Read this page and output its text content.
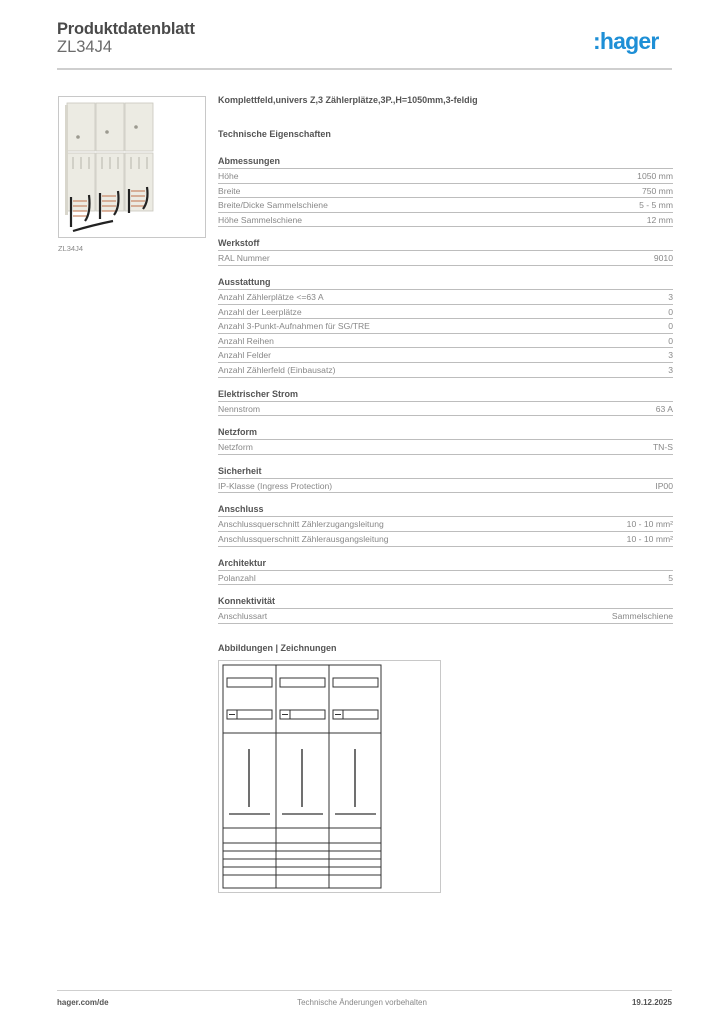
Produktdatenblatt
ZL34J4	:hager
ZL34J4
Komplettfeld,univers Z,3 Zählerplätze,3P.,H=1050mm,3-feldig
Technische Eigenschaften
Abmessungen
Höhe	1050 mm
Breite	750 mm
Breite/Dicke Sammelschiene	5 - 5 mm
Höhe Sammelschiene	12 mm
Werkstoff
RAL Nummer	9010
Ausstattung
Anzahl Zählerplätze <=63 A	3
Anzahl der Leerplätze	0
Anzahl 3-Punkt-Aufnahmen für SG/TRE	0
Anzahl Reihen	0
Anzahl Felder	3
Anzahl Zählerfeld (Einbausatz)	3
Elektrischer Strom
Nennstrom	63 A
Netzform
Netzform	TN-S
Sicherheit
IP-Klasse (Ingress Protection)	IP00
Anschluss
Anschlussquerschnitt Zählerzugangsleitung	10 - 10 mm²
Anschlussquerschnitt Zählerausgangsleitung	10 - 10 mm²
Architektur
Polanzahl	5
Konnektivität
Anschlussart	Sammelschiene
Abbildungen | Zeichnungen
hager.com/de	Technische Änderungen vorbehalten	19.12.2025
